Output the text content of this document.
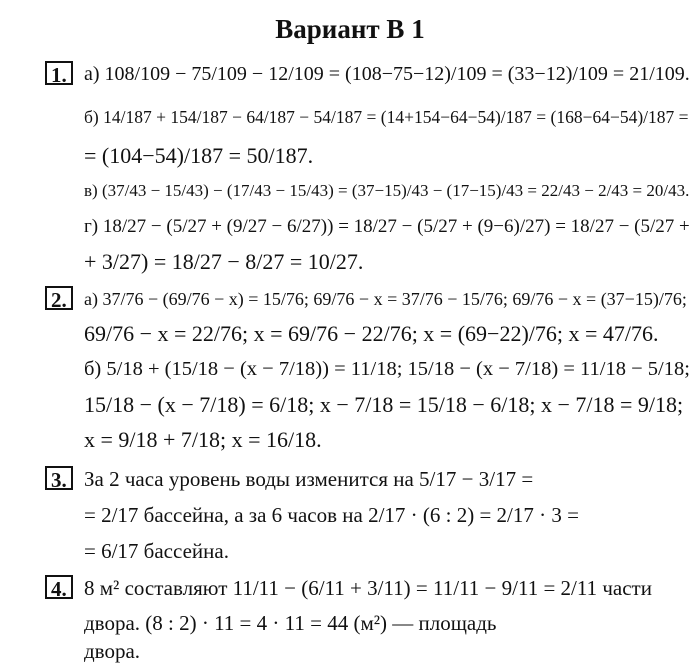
Вариант В 1
1. а) 108/109 − 75/109 − 12/109 = (108−75−12)/109 = (33−12)/109 = 21/109.
б) 14/187 + 154/187 − 64/187 − 54/187 = (14+154−64−54)/187 = (168−64−54)/187 =
= (104−54)/187 = 50/187.
в) (37/43 − 15/43) − (17/43 − 15/43) = (37−15)/43 − (17−15)/43 = 22/43 − 2/43 = 20/43.
г) 18/27 − (5/27 + (9/27 − 6/27)) = 18/27 − (5/27 + (9−6)/27) = 18/27 − (5/27 +
+ 3/27) = 18/27 − 8/27 = 10/27.
2. а) 37/76 − (69/76 − x) = 15/76; 69/76 − x = 37/76 − 15/76; 69/76 − x = (37−15)/76;
69/76 − x = 22/76; x = 69/76 − 22/76; x = (69−22)/76; x = 47/76.
б) 5/18 + (15/18 − (x − 7/18)) = 11/18; 15/18 − (x − 7/18) = 11/18 − 5/18;
15/18 − (x − 7/18) = 6/18; x − 7/18 = 15/18 − 6/18; x − 7/18 = 9/18;
x = 9/18 + 7/18; x = 16/18.
3. За 2 часа уровень воды изменится на 5/17 − 3/17 =
= 2/17 бассейна, а за 6 часов на 2/17 · (6 : 2) = 2/17 · 3 =
= 6/17 бассейна.
4. 8 м² составляют 11/11 − (6/11 + 3/11) = 11/11 − 9/11 = 2/11 части
двора. (8 : 2) · 11 = 4 · 11 = 44 (м²) — площадь
двора.
